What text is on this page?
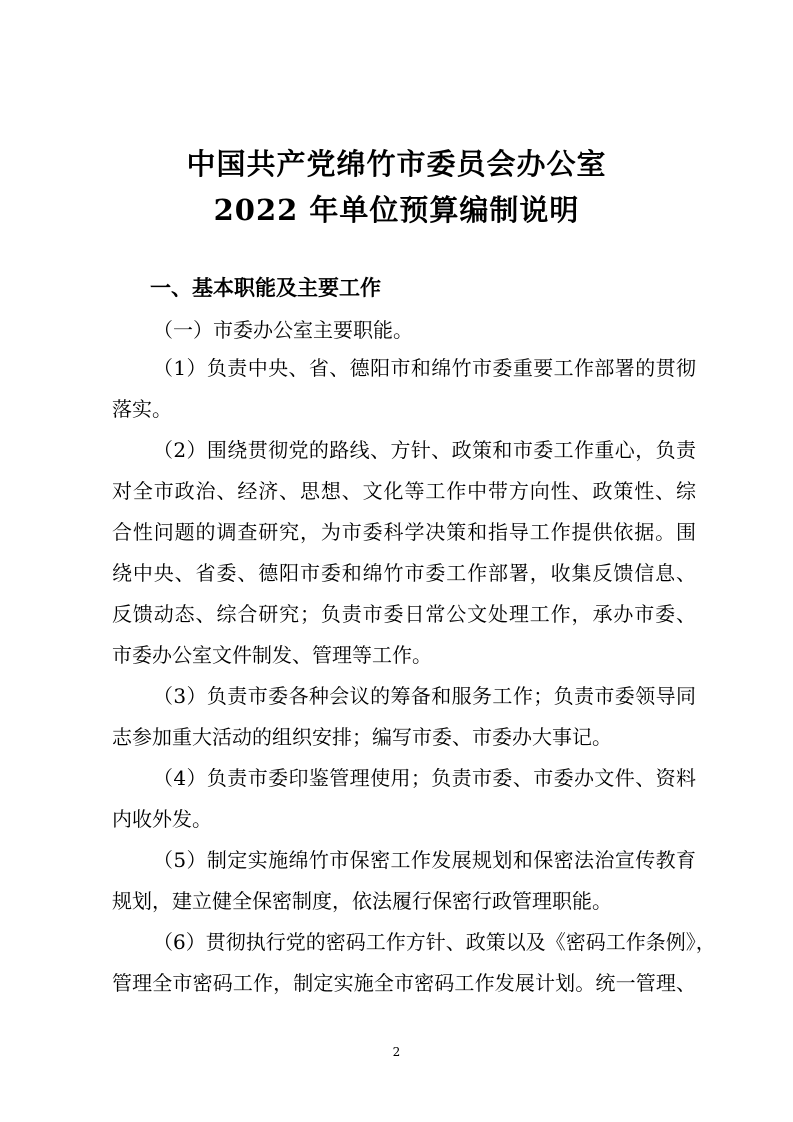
中国共产党绵竹市委员会办公室
2022 年单位预算编制说明
一、基本职能及主要工作
（一）市委办公室主要职能。
（1）负责中央、省、德阳市和绵竹市委重要工作部署的贯彻
落实。
（2）围绕贯彻党的路线、方针、政策和市委工作重心，负责
对全市政治、经济、思想、文化等工作中带方向性、政策性、综
合性问题的调查研究，为市委科学决策和指导工作提供依据。围
绕中央、省委、德阳市委和绵竹市委工作部署，收集反馈信息、
反馈动态、综合研究；负责市委日常公文处理工作，承办市委、
市委办公室文件制发、管理等工作。
（3）负责市委各种会议的筹备和服务工作；负责市委领导同
志参加重大活动的组织安排；编写市委、市委办大事记。
（4）负责市委印鉴管理使用；负责市委、市委办文件、资料
内收外发。
（5）制定实施绵竹市保密工作发展规划和保密法治宣传教育
规划，建立健全保密制度，依法履行保密行政管理职能。
（6）贯彻执行党的密码工作方针、政策以及《密码工作条例》，
管理全市密码工作，制定实施全市密码工作发展计划。统一管理、
2
